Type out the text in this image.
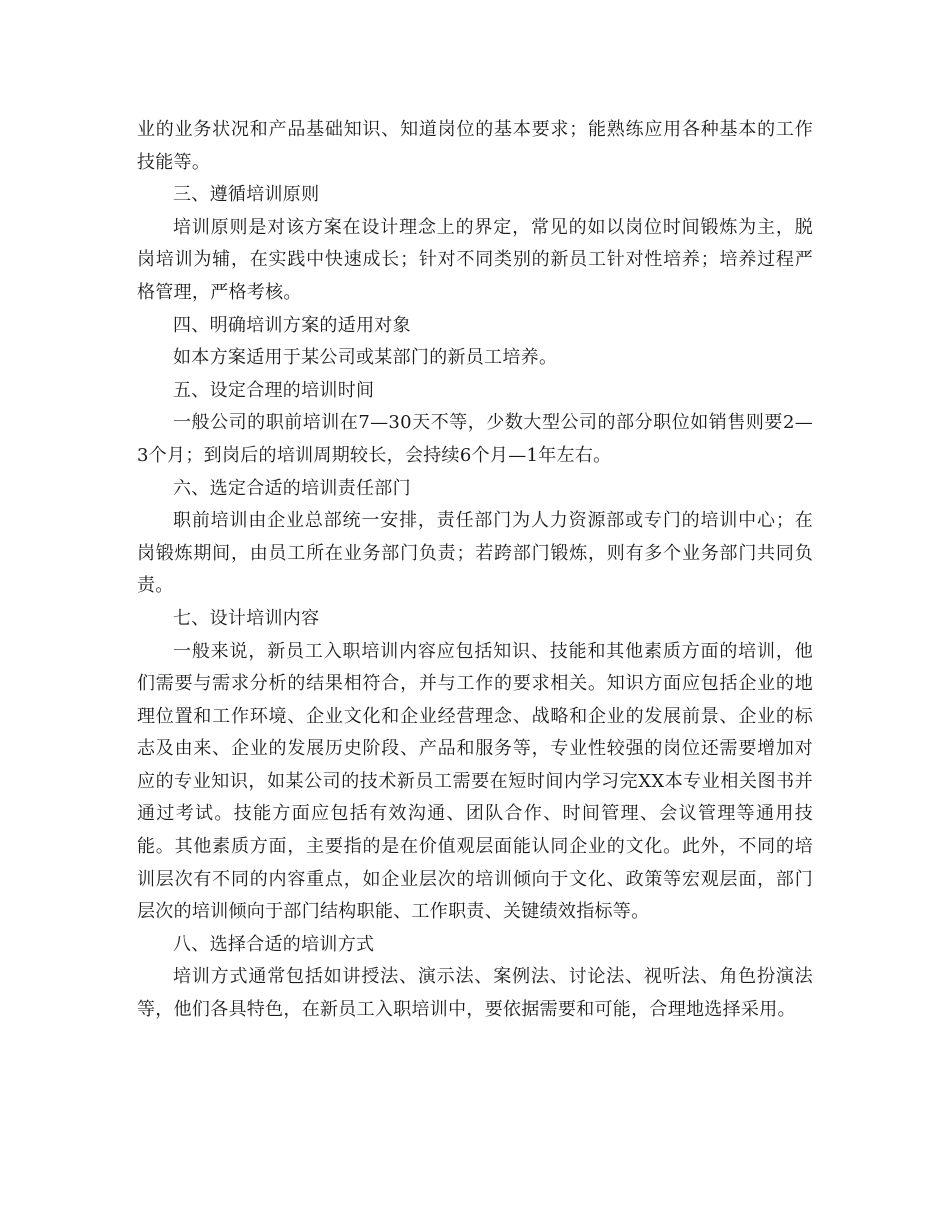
业的业务状况和产品基础知识、知道岗位的基本要求；能熟练应用各种基本的工作技能等。

三、遵循培训原则

培训原则是对该方案在设计理念上的界定，常见的如以岗位时间锻炼为主，脱岗培训为辅，在实践中快速成长；针对不同类别的新员工针对性培养；培养过程严格管理，严格考核。

四、明确培训方案的适用对象

如本方案适用于某公司或某部门的新员工培养。

五、设定合理的培训时间

一般公司的职前培训在7—30天不等，少数大型公司的部分职位如销售则要2—3个月；到岗后的培训周期较长，会持续6个月—1年左右。

六、选定合适的培训责任部门

职前培训由企业总部统一安排，责任部门为人力资源部或专门的培训中心；在岗锻炼期间，由员工所在业务部门负责；若跨部门锻炼，则有多个业务部门共同负责。

七、设计培训内容

一般来说，新员工入职培训内容应包括知识、技能和其他素质方面的培训，他们需要与需求分析的结果相符合，并与工作的要求相关。知识方面应包括企业的地理位置和工作环境、企业文化和企业经营理念、战略和企业的发展前景、企业的标志及由来、企业的发展历史阶段、产品和服务等，专业性较强的岗位还需要增加对应的专业知识，如某公司的技术新员工需要在短时间内学习完XX本专业相关图书并通过考试。技能方面应包括有效沟通、团队合作、时间管理、会议管理等通用技能。其他素质方面，主要指的是在价值观层面能认同企业的文化。此外，不同的培训层次有不同的内容重点，如企业层次的培训倾向于文化、政策等宏观层面，部门层次的培训倾向于部门结构职能、工作职责、关键绩效指标等。

八、选择合适的培训方式

培训方式通常包括如讲授法、演示法、案例法、讨论法、视听法、角色扮演法等，他们各具特色，在新员工入职培训中，要依据需要和可能，合理地选择采用。
